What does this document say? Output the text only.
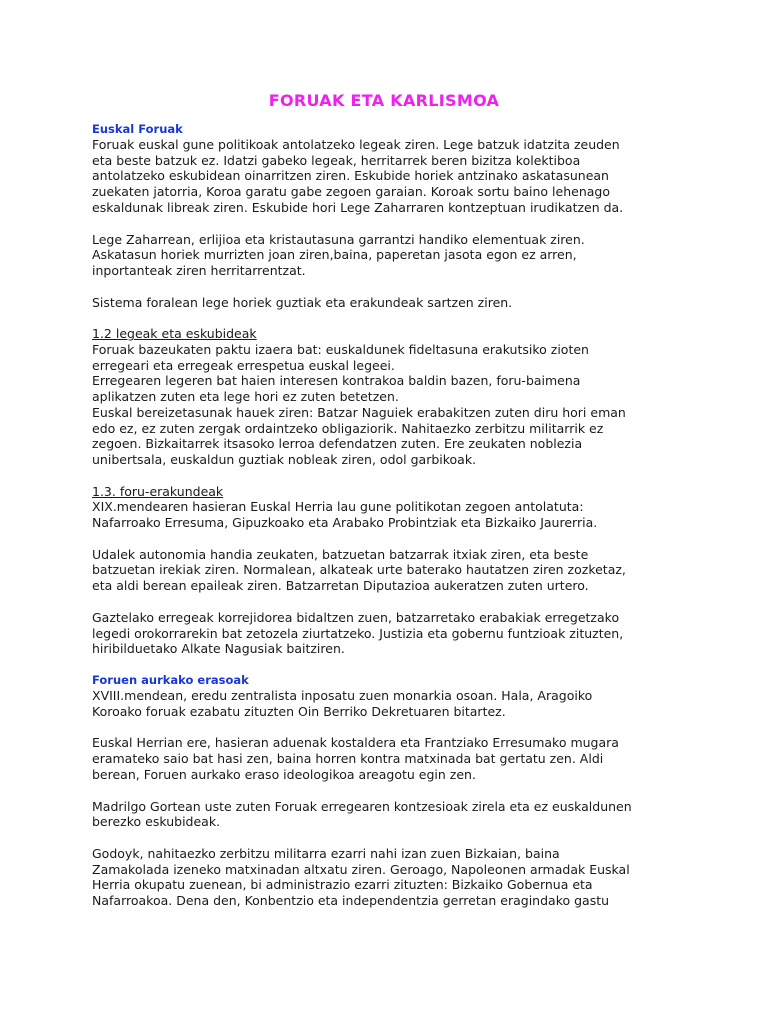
FORUAK ETA KARLISMOA
Euskal Foruak
Foruak euskal gune politikoak antolatzeko legeak ziren. Lege batzuk idatzita zeuden
eta beste batzuk ez. Idatzi gabeko legeak, herritarrek beren bizitza kolektiboa
antolatzeko eskubidean oinarritzen ziren. Eskubide horiek antzinako askatasunean
zuekaten jatorria, Koroa garatu gabe zegoen garaian. Koroak sortu baino lehenago
eskaldunak libreak ziren. Eskubide hori Lege Zaharraren kontzeptuan irudikatzen da.
Lege Zaharrean, erlijioa eta kristautasuna garrantzi handiko elementuak ziren.
Askatasun horiek murrizten joan ziren,baina, paperetan jasota egon ez arren,
inportanteak ziren herritarrentzat.
Sistema foralean lege horiek guztiak eta erakundeak sartzen ziren.
1.2 legeak eta eskubideak
Foruak bazeukaten paktu izaera bat: euskaldunek fideltasuna erakutsiko zioten
erregeari eta erregeak errespetua euskal legeei.
Erregearen legeren bat haien interesen kontrakoa baldin bazen, foru-baimena
aplikatzen zuten eta lege hori ez zuten betetzen.
Euskal bereizetasunak hauek ziren: Batzar Naguiek erabakitzen zuten diru hori eman
edo ez, ez zuten zergak ordaintzeko obligaziorik. Nahitaezko zerbitzu militarrik ez
zegoen. Bizkaitarrek itsasoko lerroa defendatzen zuten. Ere zeukaten noblezia
unibertsala, euskaldun guztiak nobleak ziren, odol garbikoak.
1.3. foru-erakundeak
XIX.mendearen hasieran Euskal Herria lau gune politikotan zegoen antolatuta:
Nafarroako Erresuma, Gipuzkoako eta Arabako Probintziak eta Bizkaiko Jaurerria.
Udalek autonomia handia zeukaten, batzuetan batzarrak itxiak ziren, eta beste
batzuetan irekiak ziren. Normalean, alkateak urte baterako hautatzen ziren zozketaz,
eta aldi berean epaileak ziren. Batzarretan Diputazioa aukeratzen zuten urtero.
Gaztelako erregeak korrejidorea bidaltzen zuen, batzarretako erabakiak erregetzako
legedi orokorrarekin bat zetozela ziurtatzeko. Justizia eta gobernu funtzioak zituzten,
hiribilduetako Alkate Nagusiak baitziren.
Foruen aurkako erasoak
XVIII.mendean, eredu zentralista inposatu zuen monarkia osoan. Hala, Aragoiko
Koroako foruak ezabatu zituzten Oin Berriko Dekretuaren bitartez.
Euskal Herrian ere, hasieran aduenak kostaldera eta Frantziako Erresumako mugara
eramateko saio bat hasi zen, baina horren kontra matxinada bat gertatu zen. Aldi
berean, Foruen aurkako eraso ideologikoa areagotu egin zen.
Madrilgo Gortean uste zuten Foruak erregearen kontzesioak zirela eta ez euskaldunen
berezko eskubideak.
Godoyk, nahitaezko zerbitzu militarra ezarri nahi izan zuen Bizkaian, baina
Zamakolada izeneko matxinadan altxatu ziren. Geroago, Napoleonen armadak Euskal
Herria okupatu zuenean, bi administrazio ezarri zituzten: Bizkaiko Gobernua eta
Nafarroakoa. Dena den, Konbentzio eta independentzia gerretan eragindako gastu
